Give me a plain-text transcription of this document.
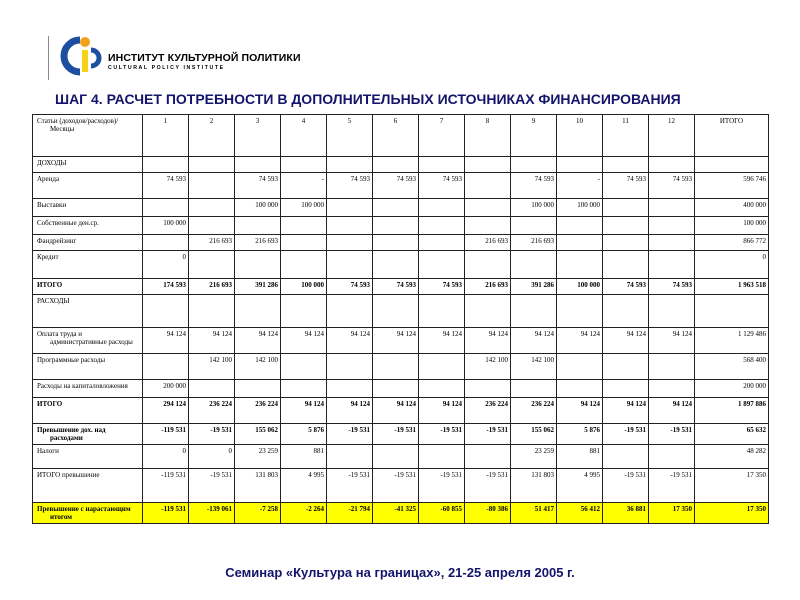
ИНСТИТУТ КУЛЬТУРНОЙ ПОЛИТИКИ
CULTURAL POLICY INSTITUTE
ШАГ 4. РАСЧЕТ ПОТРЕБНОСТИ В ДОПОЛНИТЕЛЬНЫХ ИСТОЧНИКАХ ФИНАНСИРОВАНИЯ
Статьи (доходов/расходов)/Месяцы	1	2	3	4	5	6	7	8	9	10	11	12	ИТОГО
ДОХОДЫ													
Аренда	74 593		74 593	-	74 593	74 593	74 593		74 593	-	74 593	74 593	596 746
Выставки			100 000	100 000					100 000	100 000			400 000
Собственные ден.ср.	100 000												100 000
Фандрейзинг		216 693	216 693					216 693	216 693				866 772
Кредит	0												0
ИТОГО	174 593	216 693	391 286	100 000	74 593	74 593	74 593	216 693	391 286	100 000	74 593	74 593	1 963 518
РАСХОДЫ													
Оплата труда и административные расходы	94 124	94 124	94 124	94 124	94 124	94 124	94 124	94 124	94 124	94 124	94 124	94 124	1 129 486
Программные расходы		142 100	142 100					142 100	142 100				568 400
Расходы на капиталовложения	200 000												200 000
ИТОГО	294 124	236 224	236 224	94 124	94 124	94 124	94 124	236 224	236 224	94 124	94 124	94 124	1 897 886
Превышение дох. над расходами	-119 531	-19 531	155 062	5 876	-19 531	-19 531	-19 531	-19 531	155 062	5 876	-19 531	-19 531	65 632
Налоги	0	0	23 259	881					23 259	881			48 282
ИТОГО превышение	-119 531	-19 531	131 803	4 995	-19 531	-19 531	-19 531	-19 531	131 803	4 995	-19 531	-19 531	17 350
Превышение с нарастающим итогом	-119 531	-139 061	-7 258	-2 264	-21 794	-41 325	-60 855	-80 386	51 417	56 412	36 881	17 350	17 350
Семинар «Культура на границах», 21-25 апреля 2005 г.
